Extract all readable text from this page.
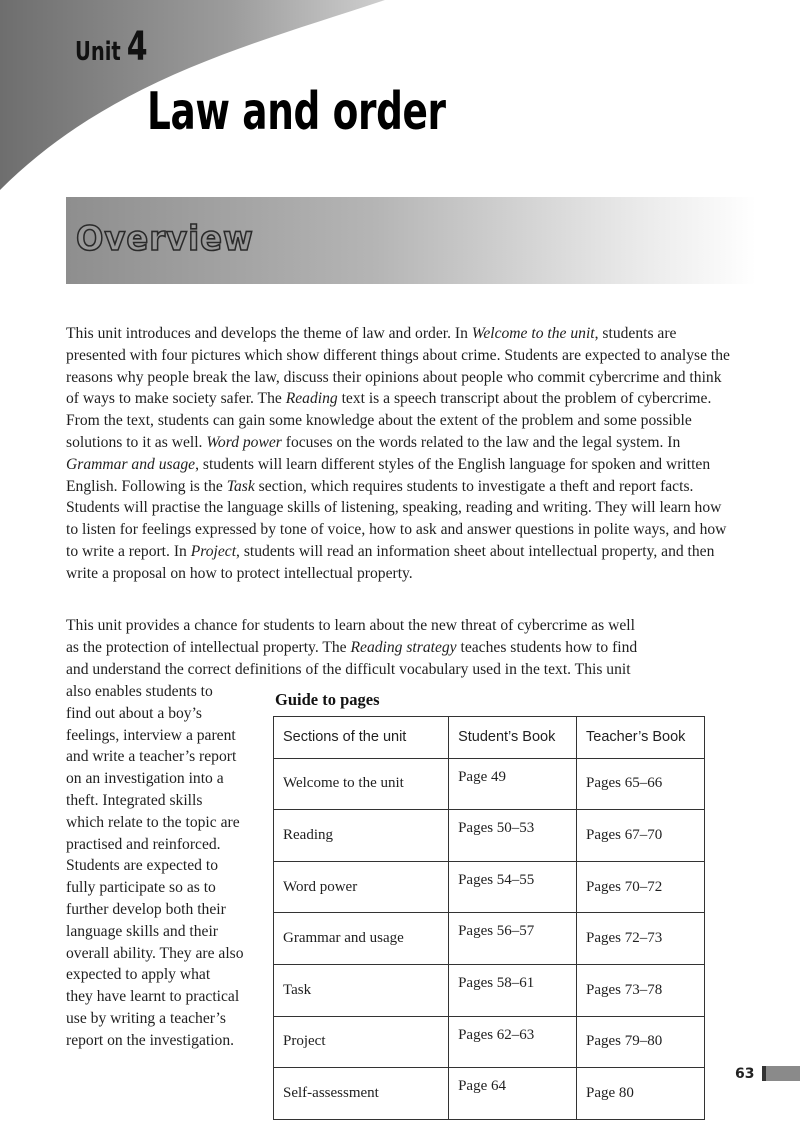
Unit 4
Law and order
Overview

This unit introduces and develops the theme of law and order. In Welcome to the unit, students are presented with four pictures which show different things about crime. Students are expected to analyse the reasons why people break the law, discuss their opinions about people who commit cybercrime and think of ways to make society safer. The Reading text is a speech transcript about the problem of cybercrime. From the text, students can gain some knowledge about the extent of the problem and some possible solutions to it as well. Word power focuses on the words related to the law and the legal system. In Grammar and usage, students will learn different styles of the English language for spoken and written English. Following is the Task section, which requires students to investigate a theft and report facts. Students will practise the language skills of listening, speaking, reading and writing. They will learn how to listen for feelings expressed by tone of voice, how to ask and answer questions in polite ways, and how to write a report. In Project, students will read an information sheet about intellectual property, and then write a proposal on how to protect intellectual property.

This unit provides a chance for students to learn about the new threat of cybercrime as well
as the protection of intellectual property. The Reading strategy teaches students how to find
and understand the correct definitions of the difficult vocabulary used in the text. This unit

also enables students to
find out about a boy’s
feelings, interview a parent
and write a teacher’s report
on an investigation into a
theft. Integrated skills
which relate to the topic are
practised and reinforced.
Students are expected to
fully participate so as to
further develop both their
language skills and their
overall ability. They are also
expected to apply what
they have learnt to practical
use by writing a teacher’s
report on the investigation.

Guide to pages
Sections of the unit	Student’s Book	Teacher’s Book
Welcome to the unit	Page 49	Pages 65–66
Reading	Pages 50–53	Pages 67–70
Word power	Pages 54–55	Pages 70–72
Grammar and usage	Pages 56–57	Pages 72–73
Task	Pages 58–61	Pages 73–78
Project	Pages 62–63	Pages 79–80
Self-assessment	Page 64	Page 80
63
